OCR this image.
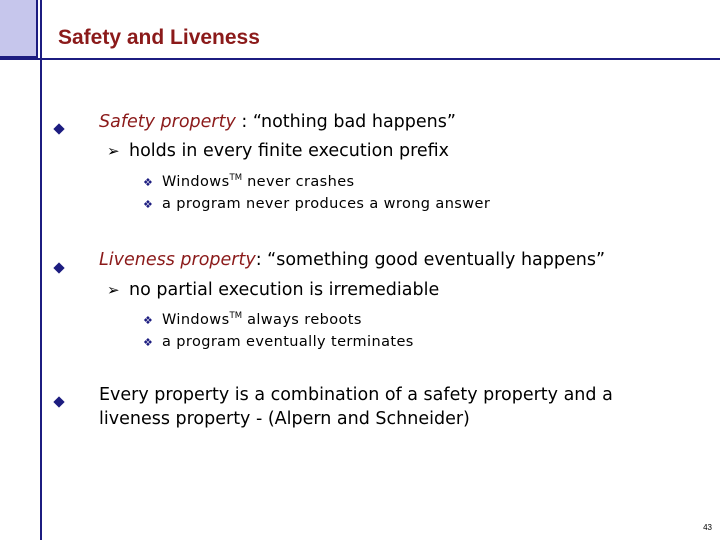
Safety and Liveness
Safety property : “nothing bad happens”
➢ holds in every finite execution prefix
❖ Windows™ never crashes
❖ a program never produces a wrong answer
Liveness property: “something good eventually happens”
➢ no partial execution is irremediable
❖ Windows™ always reboots
❖ a program eventually terminates
Every property is a combination of a safety property and a
liveness property - (Alpern and Schneider)
43
